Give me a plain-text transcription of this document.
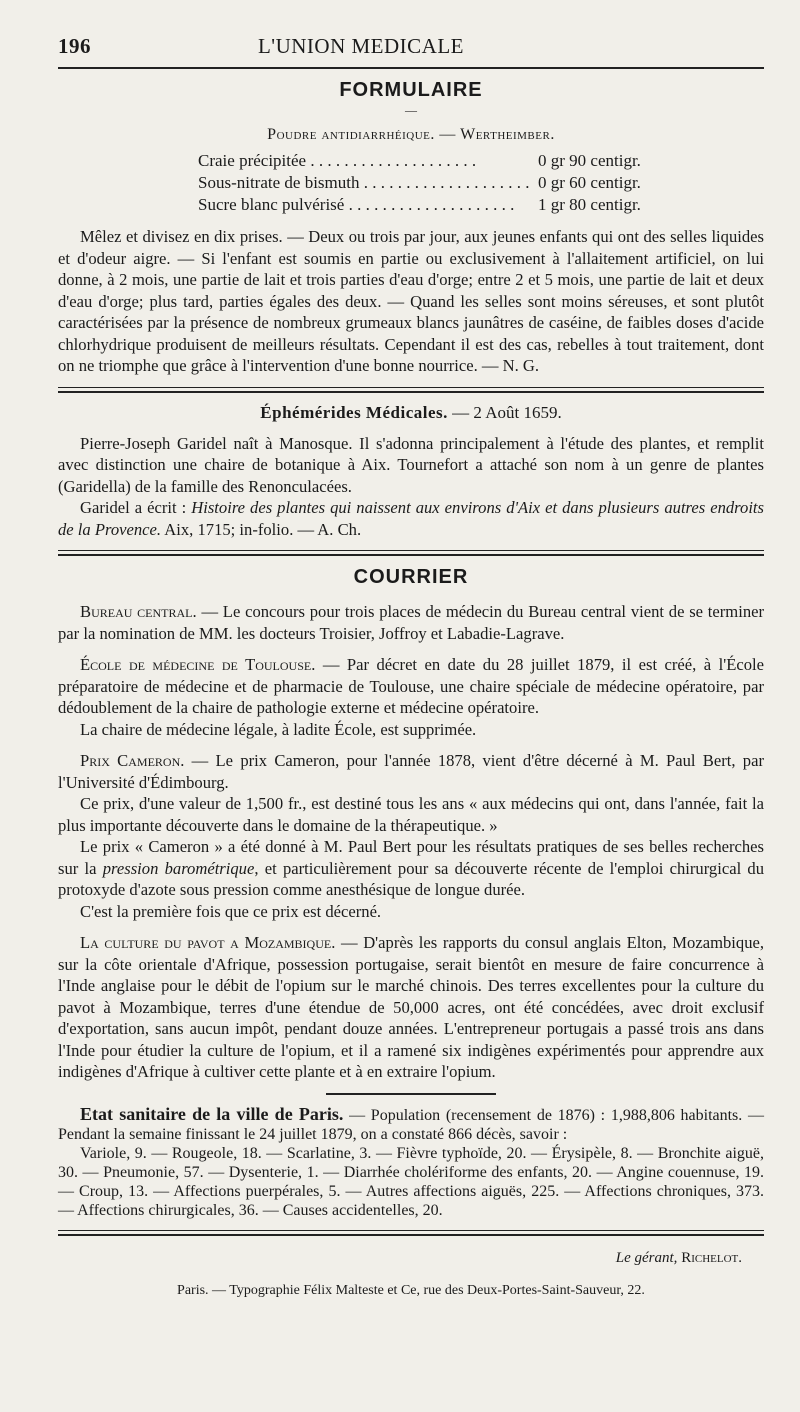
196	L'UNION MEDICALE
FORMULAIRE
—
Poudre antidiarrhéique. — Wertheimber.
Craie précipitée . . .	0 gr 90 centigr.
Sous-nitrate de bismuth . . .	0 gr 60 centigr.
Sucre blanc pulvérisé . . .	1 gr 80 centigr.

Mêlez et divisez en dix prises. — Deux ou trois par jour, aux jeunes enfants qui ont des selles liquides et d'odeur aigre. — Si l'enfant est soumis en partie ou exclusivement à l'allaitement artificiel, on lui donne, à 2 mois, une partie de lait et trois parties d'eau d'orge; entre 2 et 5 mois, une partie de lait et deux d'eau d'orge; plus tard, parties égales des deux. — Quand les selles sont moins séreuses, et sont plutôt caractérisées par la présence de nombreux grumeaux blancs jaunâtres de caséine, de faibles doses d'acide chlorhydrique produisent de meilleurs résultats. Cependant il est des cas, rebelles à tout traitement, dont on ne triomphe que grâce à l'intervention d'une bonne nourrice. — N. G.

Éphémérides Médicales. — 2 Août 1659.

Pierre-Joseph Garidel naît à Manosque. Il s'adonna principalement à l'étude des plantes, et remplit avec distinction une chaire de botanique à Aix. Tournefort a attaché son nom à un genre de plantes (Garidella) de la famille des Renonculacées.

Garidel a écrit : Histoire des plantes qui naissent aux environs d'Aix et dans plusieurs autres endroits de la Provence. Aix, 1715; in-folio. — A. Ch.

COURRIER

Bureau central. — Le concours pour trois places de médecin du Bureau central vient de se terminer par la nomination de MM. les docteurs Troisier, Joffroy et Labadie-Lagrave.

École de médecine de Toulouse. — Par décret en date du 28 juillet 1879, il est créé, à l'École préparatoire de médecine et de pharmacie de Toulouse, une chaire spéciale de médecine opératoire, par dédoublement de la chaire de pathologie externe et médecine opératoire.

La chaire de médecine légale, à ladite École, est supprimée.

Prix Cameron. — Le prix Cameron, pour l'année 1878, vient d'être décerné à M. Paul Bert, par l'Université d'Édimbourg.

Ce prix, d'une valeur de 1,500 fr., est destiné tous les ans « aux médecins qui ont, dans l'année, fait la plus importante découverte dans le domaine de la thérapeutique. »

Le prix « Cameron » a été donné à M. Paul Bert pour les résultats pratiques de ses belles recherches sur la pression barométrique, et particulièrement pour sa découverte récente de l'emploi chirurgical du protoxyde d'azote sous pression comme anesthésique de longue durée.

C'est la première fois que ce prix est décerné.

La culture du pavot a Mozambique. — D'après les rapports du consul anglais Elton, Mozambique, sur la côte orientale d'Afrique, possession portugaise, serait bientôt en mesure de faire concurrence à l'Inde anglaise pour le débit de l'opium sur le marché chinois. Des terres excellentes pour la culture du pavot à Mozambique, terres d'une étendue de 50,000 acres, ont été concédées, avec droit exclusif d'exportation, sans aucun impôt, pendant douze années. L'entrepreneur portugais a passé trois ans dans l'Inde pour étudier la culture de l'opium, et il a ramené six indigènes expérimentés pour apprendre aux indigènes d'Afrique à cultiver cette plante et à en extraire l'opium.

Etat sanitaire de la ville de Paris. — Population (recensement de 1876) : 1,988,806 habitants. — Pendant la semaine finissant le 24 juillet 1879, on a constaté 866 décès, savoir :

Variole, 9. — Rougeole, 18. — Scarlatine, 3. — Fièvre typhoïde, 20. — Érysipèle, 8. — Bronchite aiguë, 30. — Pneumonie, 57. — Dysenterie, 1. — Diarrhée cholériforme des enfants, 20. — Angine couennuse, 19. — Croup, 13. — Affections puerpérales, 5. — Autres affections aiguës, 225. — Affections chroniques, 373. — Affections chirurgicales, 36. — Causes accidentelles, 20.

Le gérant, Richelot.
Paris. — Typographie Félix Malteste et Ce, rue des Deux-Portes-Saint-Sauveur, 22.
